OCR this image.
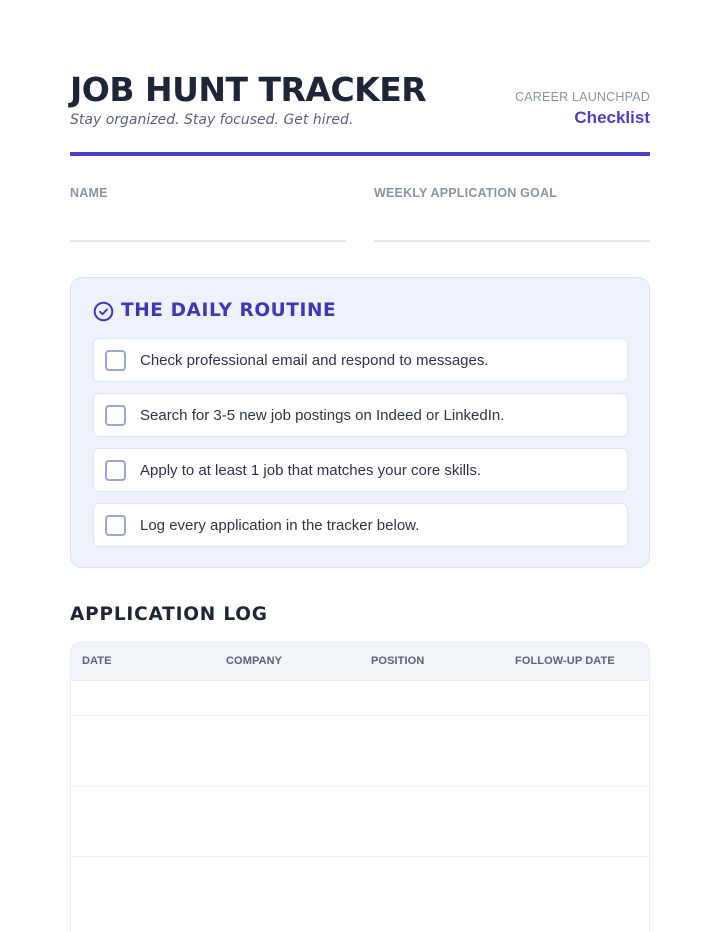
JOB HUNT TRACKER
Stay organized. Stay focused. Get hired.
CAREER LAUNCHPAD
Checklist
NAME	WEEKLY APPLICATION GOAL
THE DAILY ROUTINE
Check professional email and respond to messages.
Search for 3-5 new job postings on Indeed or LinkedIn.
Apply to at least 1 job that matches your core skills.
Log every application in the tracker below.
APPLICATION LOG
DATE	COMPANY	POSITION	FOLLOW-UP DATE
